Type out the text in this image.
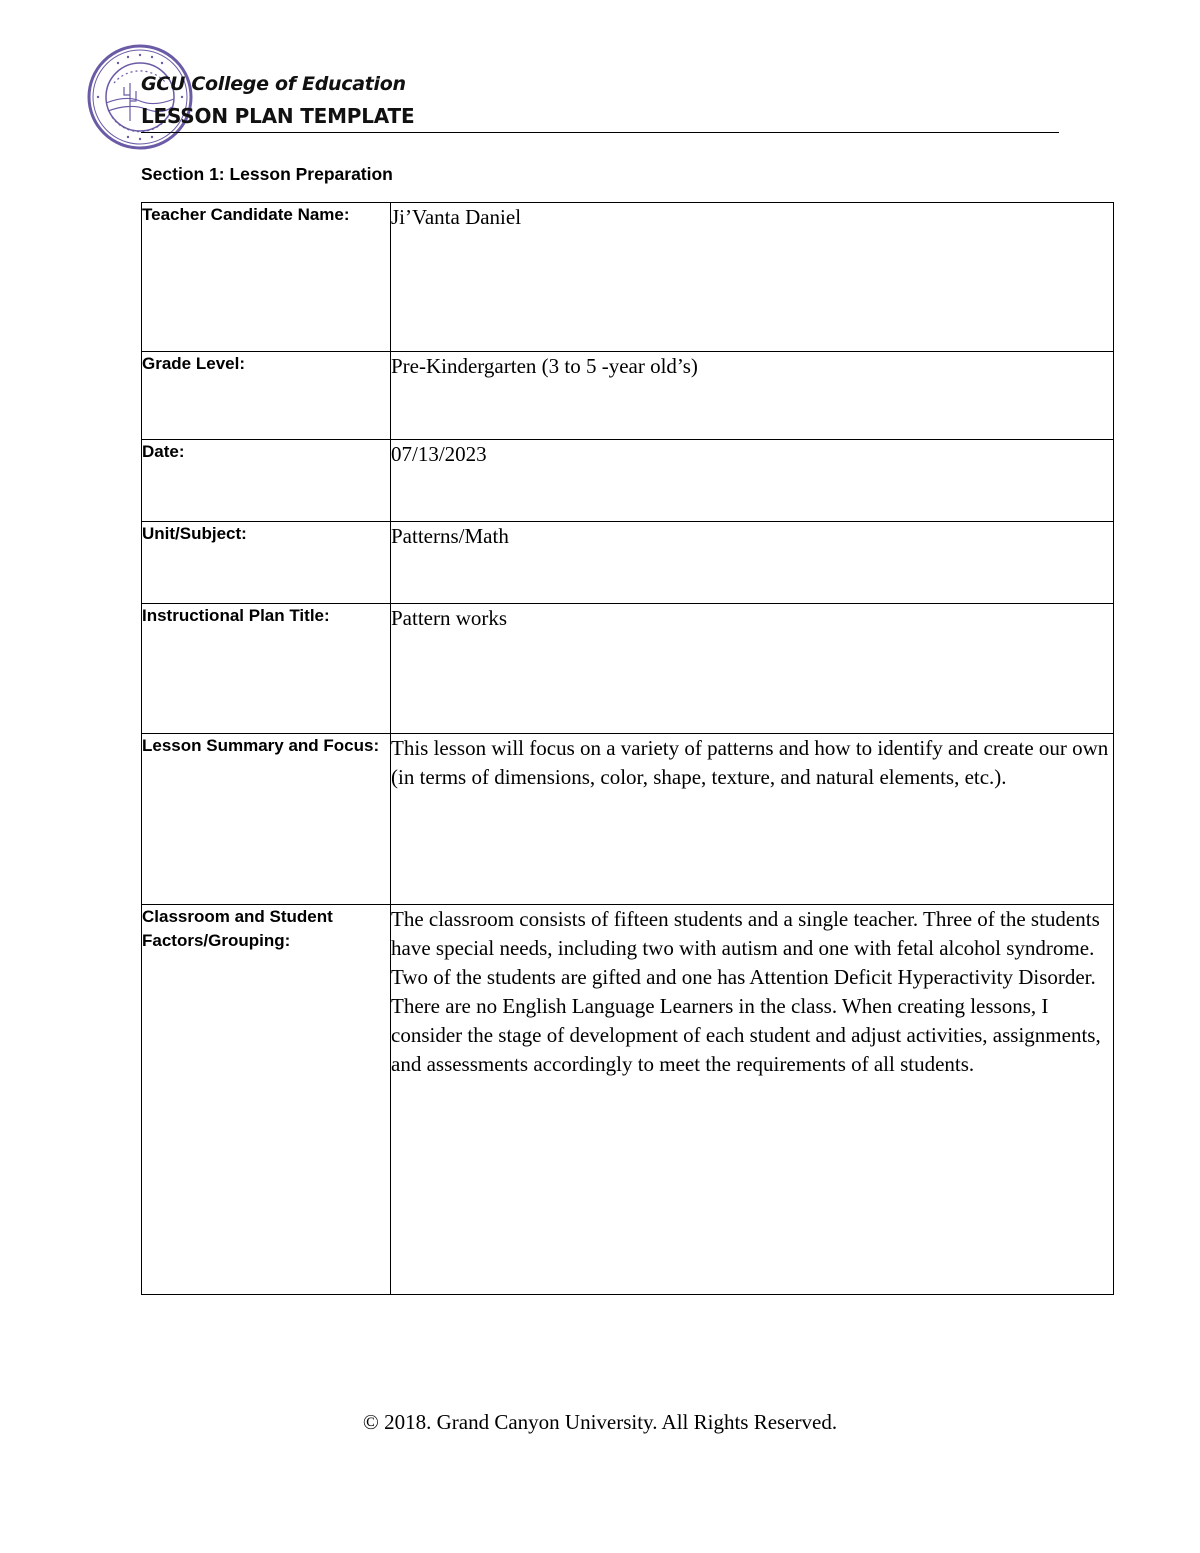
GCU College of Education
LESSON PLAN TEMPLATE
Section 1: Lesson Preparation
Teacher Candidate Name:	Ji’Vanta Daniel
Grade Level:	Pre-Kindergarten (3 to 5 -year old’s)
Date:	07/13/2023
Unit/Subject:	Patterns/Math
Instructional Plan Title:	Pattern works
Lesson Summary and Focus:	This lesson will focus on a variety of patterns and how to identify and create our own (in terms of dimensions, color, shape, texture, and natural elements, etc.).
Classroom and Student Factors/Grouping:	The classroom consists of fifteen students and a single teacher. Three of the students have special needs, including two with autism and one with fetal alcohol syndrome. Two of the students are gifted and one has Attention Deficit Hyperactivity Disorder. There are no English Language Learners in the class. When creating lessons, I consider the stage of development of each student and adjust activities, assignments, and assessments accordingly to meet the requirements of all students.
© 2018. Grand Canyon University. All Rights Reserved.
